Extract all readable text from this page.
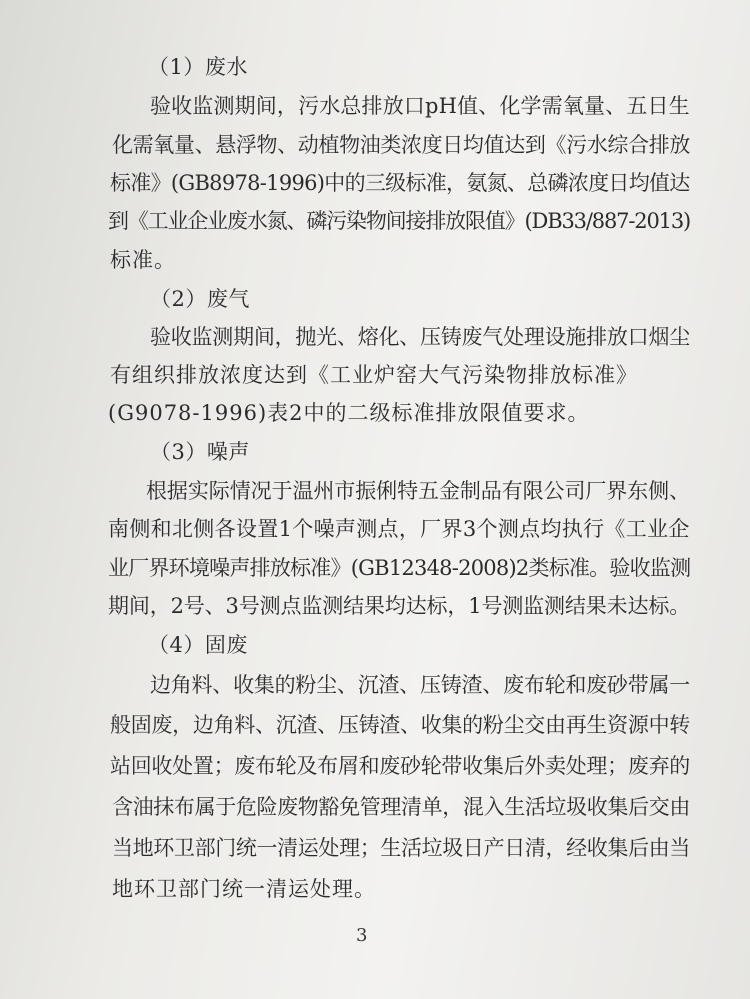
（1）废水
验收监测期间，污水总排放口pH值、化学需氧量、五日生
化需氧量、悬浮物、动植物油类浓度日均值达到《污水综合排放
标准》(GB8978-1996)中的三级标准，氨氮、总磷浓度日均值达
到《工业企业废水氮、磷污染物间接排放限值》(DB33/887-2013)
标准。
（2）废气
验收监测期间，抛光、熔化、压铸废气处理设施排放口烟尘
有组织排放浓度达到《工业炉窑大气污染物排放标准》
(G9078-1996)表2中的二级标准排放限值要求。
（3）噪声
根据实际情况于温州市振俐特五金制品有限公司厂界东侧、
南侧和北侧各设置1个噪声测点，厂界3个测点均执行《工业企
业厂界环境噪声排放标准》(GB12348-2008)2类标准。验收监测
期间，2号、3号测点监测结果均达标，1号测监测结果未达标。
（4）固废
边角料、收集的粉尘、沉渣、压铸渣、废布轮和废砂带属一
般固废，边角料、沉渣、压铸渣、收集的粉尘交由再生资源中转
站回收处置；废布轮及布屑和废砂轮带收集后外卖处理；废弃的
含油抹布属于危险废物豁免管理清单，混入生活垃圾收集后交由
当地环卫部门统一清运处理；生活垃圾日产日清，经收集后由当
地环卫部门统一清运处理。
3
